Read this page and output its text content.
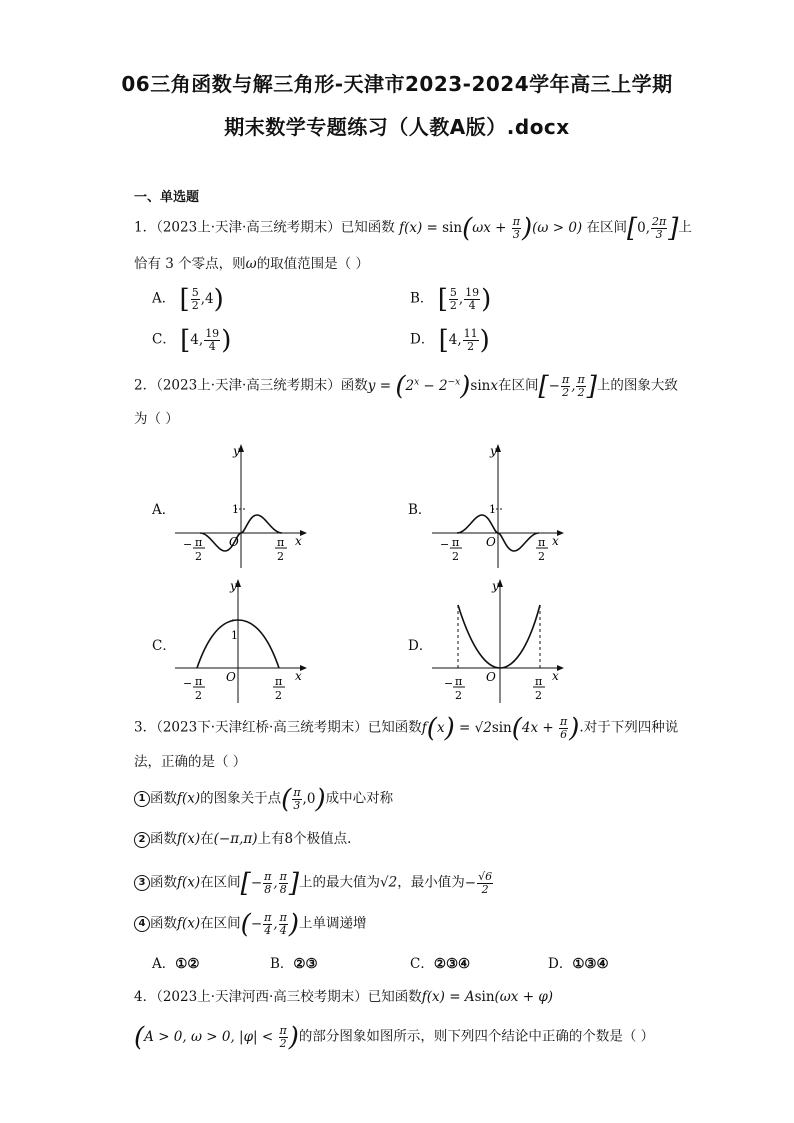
06三角函数与解三角形-天津市2023-2024学年高三上学期
期末数学专题练习（人教A版）.docx
一、单选题
1．（2023上·天津·高三统考期末）已知函数 $f(x) = \sin(\omega x + \frac{\pi}{3} )(\omega > 0)$ 在区间[0, $\frac{2\pi}{3}$ ]上
恰有 3 个零点，则ω的取值范围是（ ）
A． [ $\frac{5}{2} ,4$)	B． [ $\frac{5}{2}$ , $\frac{19}{4}$ )
C． [4, $\frac{19}{4}$ )	D． [4, $\frac{11}{2}$ )
2．（2023上·天津·高三统考期末）函数$y = (2^x - 2^{-x})\sin x$在区间[− $\frac{\pi}{2}$ , $\frac{\pi}{2}$ ]上的图象大致
为（ ）
A．	B．
C．	D．
y
x
O
1
− π
2
π
2
y
x
O
1
− π
2
π
2
y
x
O
1
− π
2
π
2
y
x
O
− π
2
π
2
3．（2023下·天津红桥·高三统考期末）已知函数$f(x) = √2\sin(4x + \frac{\pi}{6}$ ).对于下列四种说
法，正确的是（ ）
1 函数f(x)的图象关于点( $\frac{\pi}{3} ,0$)成中心对称
2 函数f(x)在(−π,π)上有8个极值点.
3 函数f(x)在区间[− $\frac{\pi}{8}$ , $\frac{\pi}{8}$ ]上的最大值为√2，最小值为− $\frac{√6}{2}$
4 函数f(x)在区间(− $\frac{\pi}{4}$ , $\frac{\pi}{4}$ )上单调递增
A．①②	B．②③	C．②③④	D．①③④
4．（2023上·天津河西·高三校考期末）已知函数f(x) = Asin(ωx + φ)
(A > 0, ω > 0, $|\varphi| < \frac{\pi}{2}$ )的部分图象如图所示，则下列四个结论中正确的个数是（ ）
